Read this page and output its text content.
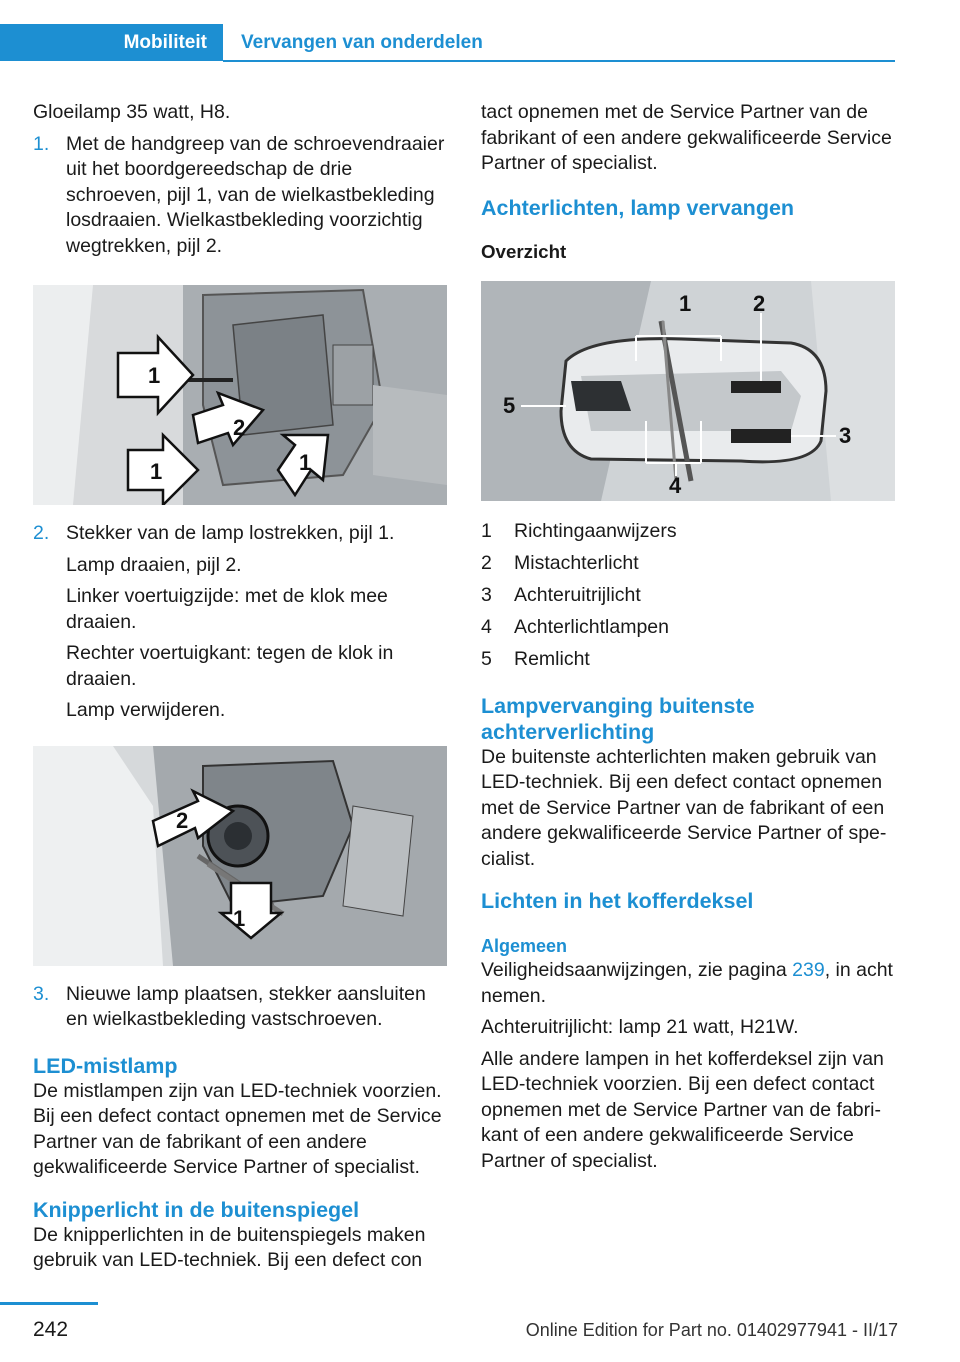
Mobiliteit	Vervangen van onderdelen

Gloeilamp 35 watt, H8.

1. Met de handgreep van de schroevendraaier uit het boordgereedschap de drie schroeven, pijl 1, van de wielkastbekleding losdraaien. Wielkastbekleding voorzichtig wegtrekken, pijl 2.

1
2
1	1
2. Stekker van de lamp lostrekken, pijl 1.

Lamp draaien, pijl 2.

Linker voertuigzijde: met de klok mee draaien.

Rechter voertuigkant: tegen de klok in draaien.

Lamp verwijderen.

2
1
3. Nieuwe lamp plaatsen, stekker aansluiten en wielkastbekleding vastschroeven.

LED-mistlamp

De mistlampen zijn van LED-techniek voorzien. Bij een defect contact opnemen met de Service Partner van de fabrikant of een andere gekwalificeerde Service Partner of specialist.

Knipperlicht in de buitenspiegel

De knipperlichten in de buitenspiegels maken gebruik van LED-techniek. Bij een defect con

tact opnemen met de Service Partner van de fabrikant of een andere gekwalificeerde Service Partner of specialist.

Achterlichten, lamp vervangen
Overzicht
1	2
3
4
5
1	Richtingaanwijzers
2	Mistachterlicht
3	Achteruitrijlicht
4	Achterlichtlampen
5	Remlicht
Lampvervanging buitenste achterverlichting

De buitenste achterlichten maken gebruik van LED-techniek. Bij een defect contact opnemen met de Service Partner van de fabrikant of een andere gekwalificeerde Service Partner of specialist.

Lichten in het kofferdeksel
Algemeen

Veiligheidsaanwijzingen, zie pagina 239, in acht nemen.

Achteruitrijlicht: lamp 21 watt, H21W.

Alle andere lampen in het kofferdeksel zijn van LED-techniek voorzien. Bij een defect contact opnemen met de Service Partner van de fabrikant of een andere gekwalificeerde Service Partner of specialist.

242	Online Edition for Part no. 01402977941 - II/17
